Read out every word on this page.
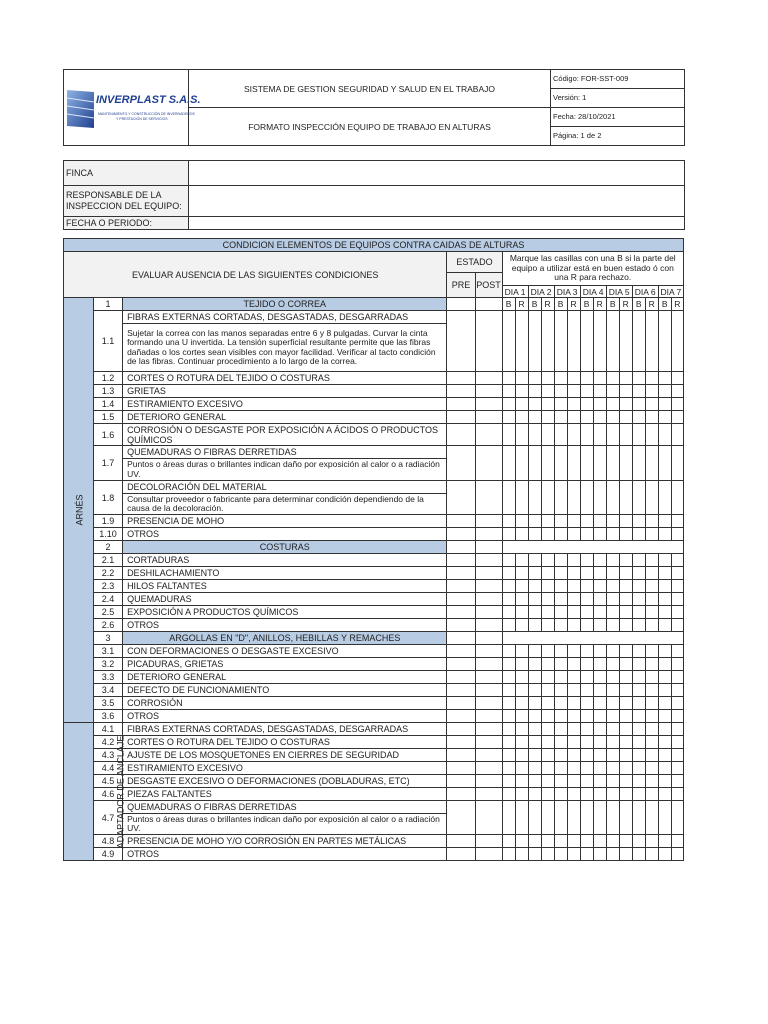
INVERPLAST S.A.S.
MANTENIMIENTO Y CONSTRUCCIÓN DE INVERNADEROS
Y PRESTACIÓN DE SERVICIOS	SISTEMA DE GESTION SEGURIDAD Y SALUD EN EL TRABAJO	Código: FOR-SST-009
		Versión: 1
	FORMATO INSPECCIÓN EQUIPO DE TRABAJO EN ALTURAS	Fecha: 28/10/2021
		Página: 1 de 2
FINCA	
RESPONSABLE DE LA INSPECCION DEL EQUIPO:	
FECHA O PERIODO:	
CONDICION ELEMENTOS DE EQUIPOS CONTRA CAIDAS DE ALTURAS																		
EVALUAR AUSENCIA DE LAS SIGUIENTES CONDICIONES			ESTADO		Marque las casillas con una B si la parte del equipo a utilizar está en buen estado ó con una R para rechazo.													
			PRE	POST														
					DIA 1		DIA 2		DIA 3		DIA 4		DIA 5		DIA 6		DIA 7	
ARNÉS	1	TEJIDO O CORREA			B	R	B	R	B	R	B	R	B	R	B	R	B	R
	1.1	FIBRAS EXTERNAS CORTADAS, DESGASTADAS, DESGARRADAS																
		Sujetar la correa con las manos separadas entre 6 y 8 pulgadas. Curvar la cinta formando una U invertida. La tensión superficial resultante permite que las fibras dañadas o los cortes sean visibles con mayor facilidad. Verificar al tacto condición de las fibras. Continuar procedimiento a lo largo de la correa.																
	1.2	CORTES O ROTURA DEL TEJIDO O COSTURAS																
	1.3	GRIETAS																
	1.4	ESTIRAMIENTO EXCESIVO																
	1.5	DETERIORO GENERAL																
	1.6	CORROSIÓN O DESGASTE POR EXPOSICIÓN A ÁCIDOS O PRODUCTOS QUÍMICOS																
	1.7	QUEMADURAS O FIBRAS DERRETIDAS																
		Puntos o áreas duras o brillantes indican daño por exposición al calor o a radiación UV.																
	1.8	DECOLORACIÓN DEL MATERIAL																
		Consultar proveedor o fabricante para determinar condición dependiendo de la causa de la decoloración.																
	1.9	PRESENCIA DE MOHO																
	1.10	OTROS																
	2	COSTURAS																
	2.1	CORTADURAS																
	2.2	DESHILACHAMIENTO																
	2.3	HILOS FALTANTES																
	2.4	QUEMADURAS																
	2.5	EXPOSICIÓN A PRODUCTOS QUÍMICOS																
	2.6	OTROS																
	3	ARGOLLAS EN "D", ANILLOS, HEBILLAS Y REMACHES																
	3.1	CON DEFORMACIONES O DESGASTE EXCESIVO																
	3.2	PICADURAS, GRIETAS																
	3.3	DETERIORO GENERAL																
	3.4	DEFECTO DE FUNCIONAMIENTO																
	3.5	CORROSIÓN																
	3.6	OTROS																
ADAPTADOR DE ANCLAJE	4.1	FIBRAS EXTERNAS CORTADAS, DESGASTADAS, DESGARRADAS																
	4.2	CORTES O ROTURA DEL TEJIDO O COSTURAS																
	4.3	AJUSTE DE LOS MOSQUETONES EN CIERRES DE SEGURIDAD																
	4.4	ESTIRAMIENTO EXCESIVO																
	4.5	DESGASTE EXCESIVO O DEFORMACIONES (DOBLADURAS, ETC)																
	4.6	PIEZAS FALTANTES																
	4.7	QUEMADURAS O FIBRAS DERRETIDAS																
		Puntos o áreas duras o brillantes indican daño por exposición al calor o a radiación UV.																
	4.8	PRESENCIA DE MOHO Y/O CORROSIÓN EN PARTES METÁLICAS																
	4.9	OTROS																
